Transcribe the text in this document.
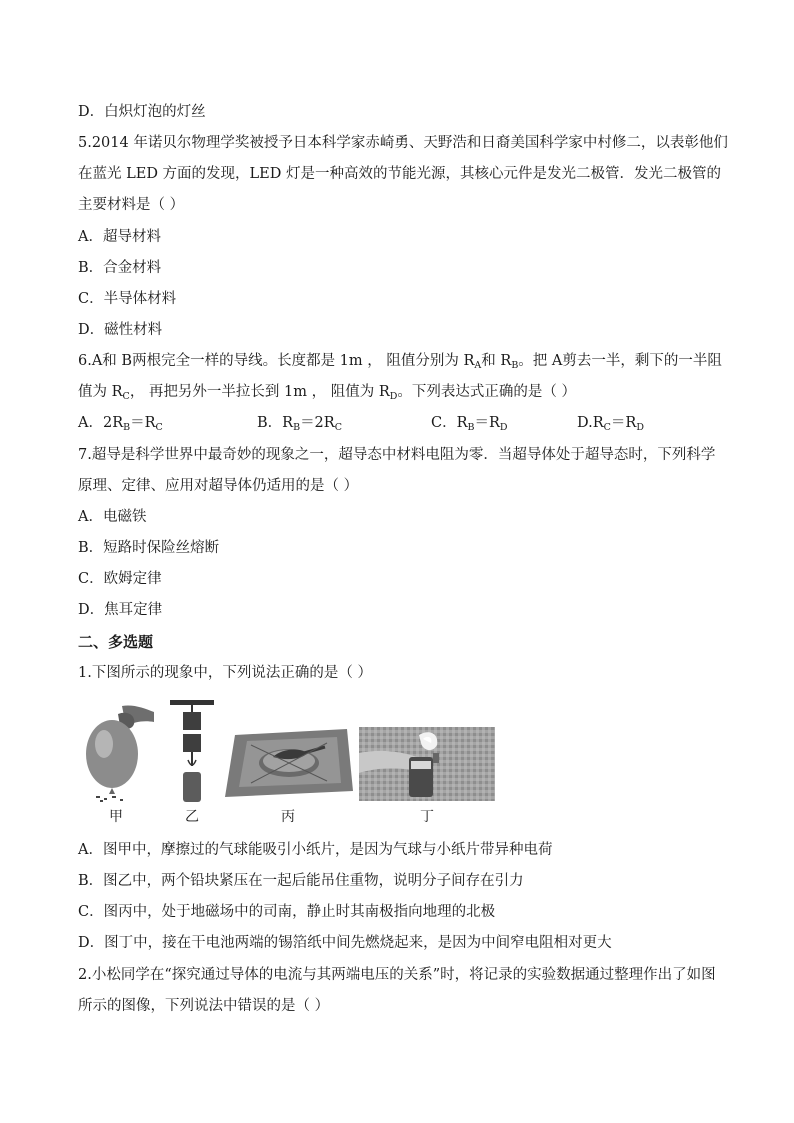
D．白炽灯泡的灯丝
5.2014 年诺贝尔物理学奖被授予日本科学家赤崎勇、天野浩和日裔美国科学家中村修二，以表彰他们
在蓝光 LED 方面的发现，LED 灯是一种高效的节能光源，其核心元件是发光二极管．发光二极管的
主要材料是（ ）
A．超导材料
B．合金材料
C．半导体材料
D．磁性材料
6.A和 B两根完全一样的导线。长度都是 1m ， 阻值分别为 $R_A$和 $R_B$。把 A剪去一半，剩下的一半阻
值为 $R_C$， 再把另外一半拉长到 1m ， 阻值为 $R_D$。下列表达式正确的是（ ）
A．$2R_B=R_C$	B．$R_B=2R_C$	C．$R_B=R_D$	$D.R_C=R_D$
7.超导是科学世界中最奇妙的现象之一，超导态中材料电阻为零．当超导体处于超导态时，下列科学
原理、定律、应用对超导体仍适用的是（ ）
A．电磁铁
B．短路时保险丝熔断
C．欧姆定律
D．焦耳定律
二、多选题
1.下图所示的现象中，下列说法正确的是（ ）
甲	乙	丙	丁
A．图甲中，摩擦过的气球能吸引小纸片，是因为气球与小纸片带异种电荷
B．图乙中，两个铅块紧压在一起后能吊住重物，说明分子间存在引力
C．图丙中，处于地磁场中的司南，静止时其南极指向地理的北极
D．图丁中，接在干电池两端的锡箔纸中间先燃烧起来，是因为中间窄电阻相对更大
2.小松同学在“探究通过导体的电流与其两端电压的关系”时，将记录的实验数据通过整理作出了如图
所示的图像，下列说法中错误的是（ ）
